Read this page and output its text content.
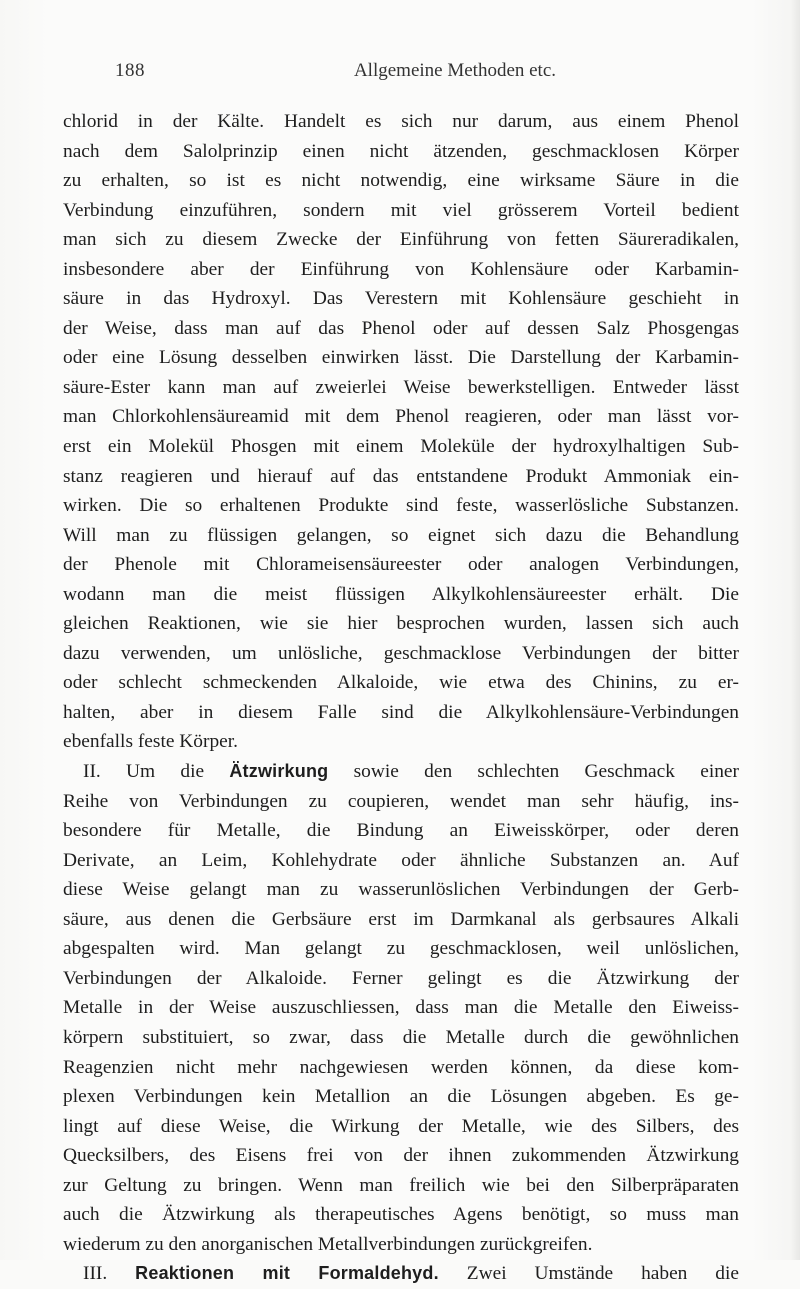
188	Allgemeine Methoden etc.
chlorid in der Kälte. Handelt es sich nur darum, aus einem Phenol
nach dem Salolprinzip einen nicht ätzenden, geschmacklosen Körper
zu erhalten, so ist es nicht notwendig, eine wirksame Säure in die
Verbindung einzuführen, sondern mit viel grösserem Vorteil bedient
man sich zu diesem Zwecke der Einführung von fetten Säureradikalen,
insbesondere aber der Einführung von Kohlensäure oder Karbamin-
säure in das Hydroxyl. Das Verestern mit Kohlensäure geschieht in
der Weise, dass man auf das Phenol oder auf dessen Salz Phosgengas
oder eine Lösung desselben einwirken lässt. Die Darstellung der Karbamin-
säure-Ester kann man auf zweierlei Weise bewerkstelligen. Entweder lässt
man Chlorkohlensäureamid mit dem Phenol reagieren, oder man lässt vor-
erst ein Molekül Phosgen mit einem Moleküle der hydroxylhaltigen Sub-
stanz reagieren und hierauf auf das entstandene Produkt Ammoniak ein-
wirken. Die so erhaltenen Produkte sind feste, wasserlösliche Substanzen.
Will man zu flüssigen gelangen, so eignet sich dazu die Behandlung
der Phenole mit Chlorameisensäureester oder analogen Verbindungen,
wodann man die meist flüssigen Alkylkohlensäureester erhält. Die
gleichen Reaktionen, wie sie hier besprochen wurden, lassen sich auch
dazu verwenden, um unlösliche, geschmacklose Verbindungen der bitter
oder schlecht schmeckenden Alkaloide, wie etwa des Chinins, zu er-
halten, aber in diesem Falle sind die Alkylkohlensäure-Verbindungen
ebenfalls feste Körper.
II. Um die Ätzwirkung sowie den schlechten Geschmack einer
Reihe von Verbindungen zu coupieren, wendet man sehr häufig, ins-
besondere für Metalle, die Bindung an Eiweisskörper, oder deren
Derivate, an Leim, Kohlehydrate oder ähnliche Substanzen an. Auf
diese Weise gelangt man zu wasserunlöslichen Verbindungen der Gerb-
säure, aus denen die Gerbsäure erst im Darmkanal als gerbsaures Alkali
abgespalten wird. Man gelangt zu geschmacklosen, weil unlöslichen,
Verbindungen der Alkaloide. Ferner gelingt es die Ätzwirkung der
Metalle in der Weise auszuschliessen, dass man die Metalle den Eiweiss-
körpern substituiert, so zwar, dass die Metalle durch die gewöhnlichen
Reagenzien nicht mehr nachgewiesen werden können, da diese kom-
plexen Verbindungen kein Metallion an die Lösungen abgeben. Es ge-
lingt auf diese Weise, die Wirkung der Metalle, wie des Silbers, des
Quecksilbers, des Eisens frei von der ihnen zukommenden Ätzwirkung
zur Geltung zu bringen. Wenn man freilich wie bei den Silberpräparaten
auch die Ätzwirkung als therapeutisches Agens benötigt, so muss man
wiederum zu den anorganischen Metallverbindungen zurückgreifen.
III. Reaktionen mit Formaldehyd. Zwei Umstände haben die
